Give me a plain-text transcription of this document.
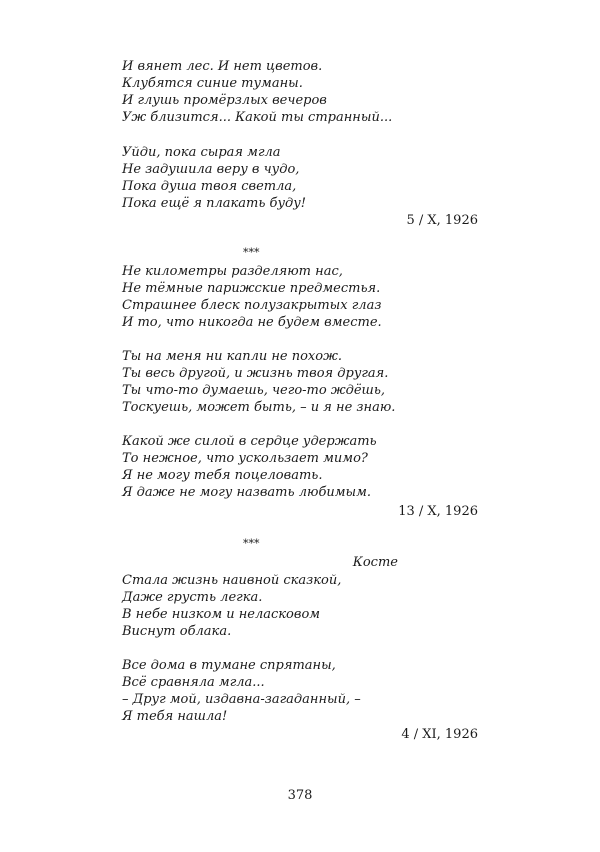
И вянет лес. И нет цветов.
Клубятся синие туманы.
И глушь промёрзлых вечеров
Уж близится... Какой ты странный...
Уйди, пока сырая мгла
Не задушила веру в чудо,
Пока душа твоя светла,
Пока ещё я плакать буду!
5 / X, 1926
***
Не километры разделяют нас,
Не тёмные парижские предместья.
Страшнее блеск полузакрытых глаз
И то, что никогда не будем вместе.
Ты на меня ни капли не похож.
Ты весь другой, и жизнь твоя другая.
Ты что-то думаешь, чего-то ждёшь,
Тоскуешь, может быть, – и я не знаю.
Какой же силой в сердце удержать
То нежное, что ускользает мимо?
Я не могу тебя поцеловать.
Я даже не могу назвать любимым.
13 / X, 1926
***
Косте
Стала жизнь наивной сказкой,
Даже грусть легка.
В небе низком и неласковом
Виснут облака.
Все дома в тумане спрятаны,
Всё сравняла мгла...
– Друг мой, издавна-загаданный, –
Я тебя нашла!
4 / XI, 1926
378
